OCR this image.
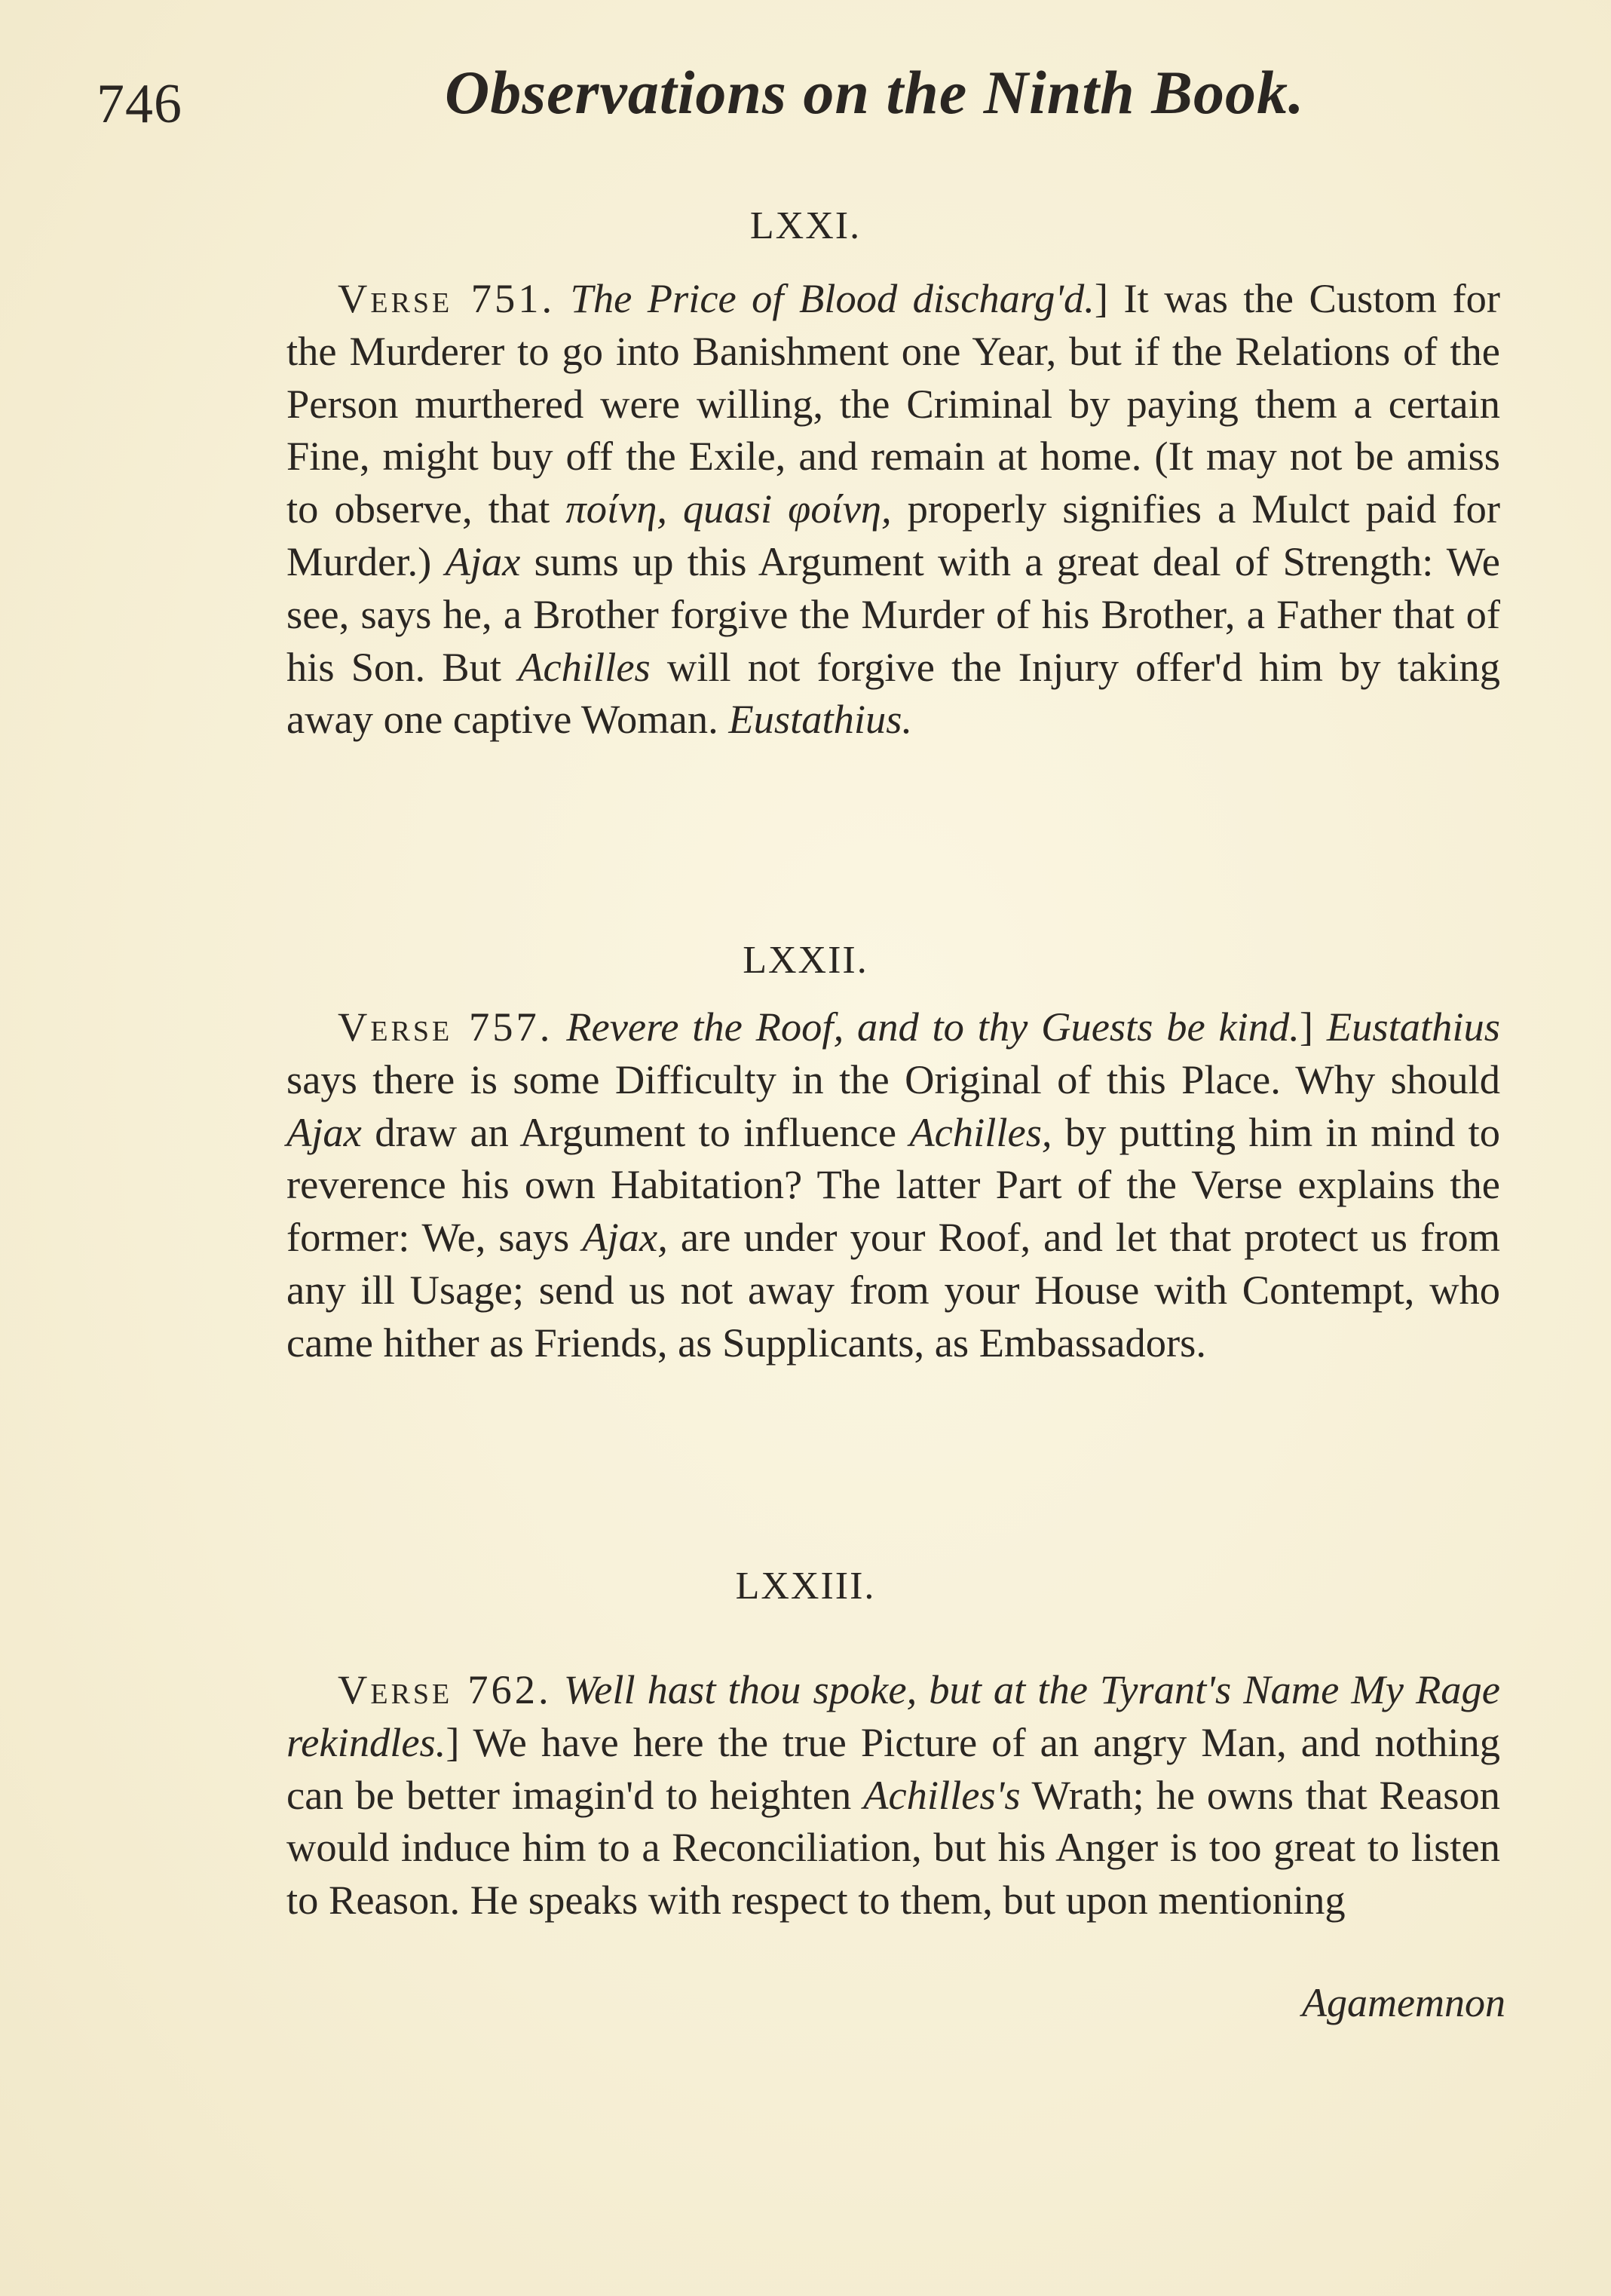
746	Observations on the Ninth Book.
LXXI.

Verse 751. The Price of Blood discharg'd.] It was the Custom for the Murderer to go into Banishment one Year, but if the Relations of the Person murthered were willing, the Criminal by paying them a certain Fine, might buy off the Exile, and remain at home. (It may not be amiss to observe, that ποίνη, quasi φοίνη, properly signifies a Mulct paid for Murder.) Ajax sums up this Argument with a great deal of Strength: We see, says he, a Brother forgive the Murder of his Brother, a Father that of his Son. But Achilles will not forgive the Injury offer'd him by taking away one captive Woman. Eustathius.

LXXII.

Verse 757. Revere the Roof, and to thy Guests be kind.] Eustathius says there is some Difficulty in the Original of this Place. Why should Ajax draw an Argument to influence Achilles, by putting him in mind to reverence his own Habitation? The latter Part of the Verse explains the former: We, says Ajax, are under your Roof, and let that protect us from any ill Usage; send us not away from your House with Contempt, who came hither as Friends, as Supplicants, as Embassadors.

LXXIII.

Verse 762. Well hast thou spoke, but at the Tyrant's Name My Rage rekindles.] We have here the true Picture of an angry Man, and nothing can be better imagin'd to heighten Achilles's Wrath; he owns that Reason would induce him to a Reconciliation, but his Anger is too great to listen to Reason. He speaks with respect to them, but upon mentioning

Agamemnon
